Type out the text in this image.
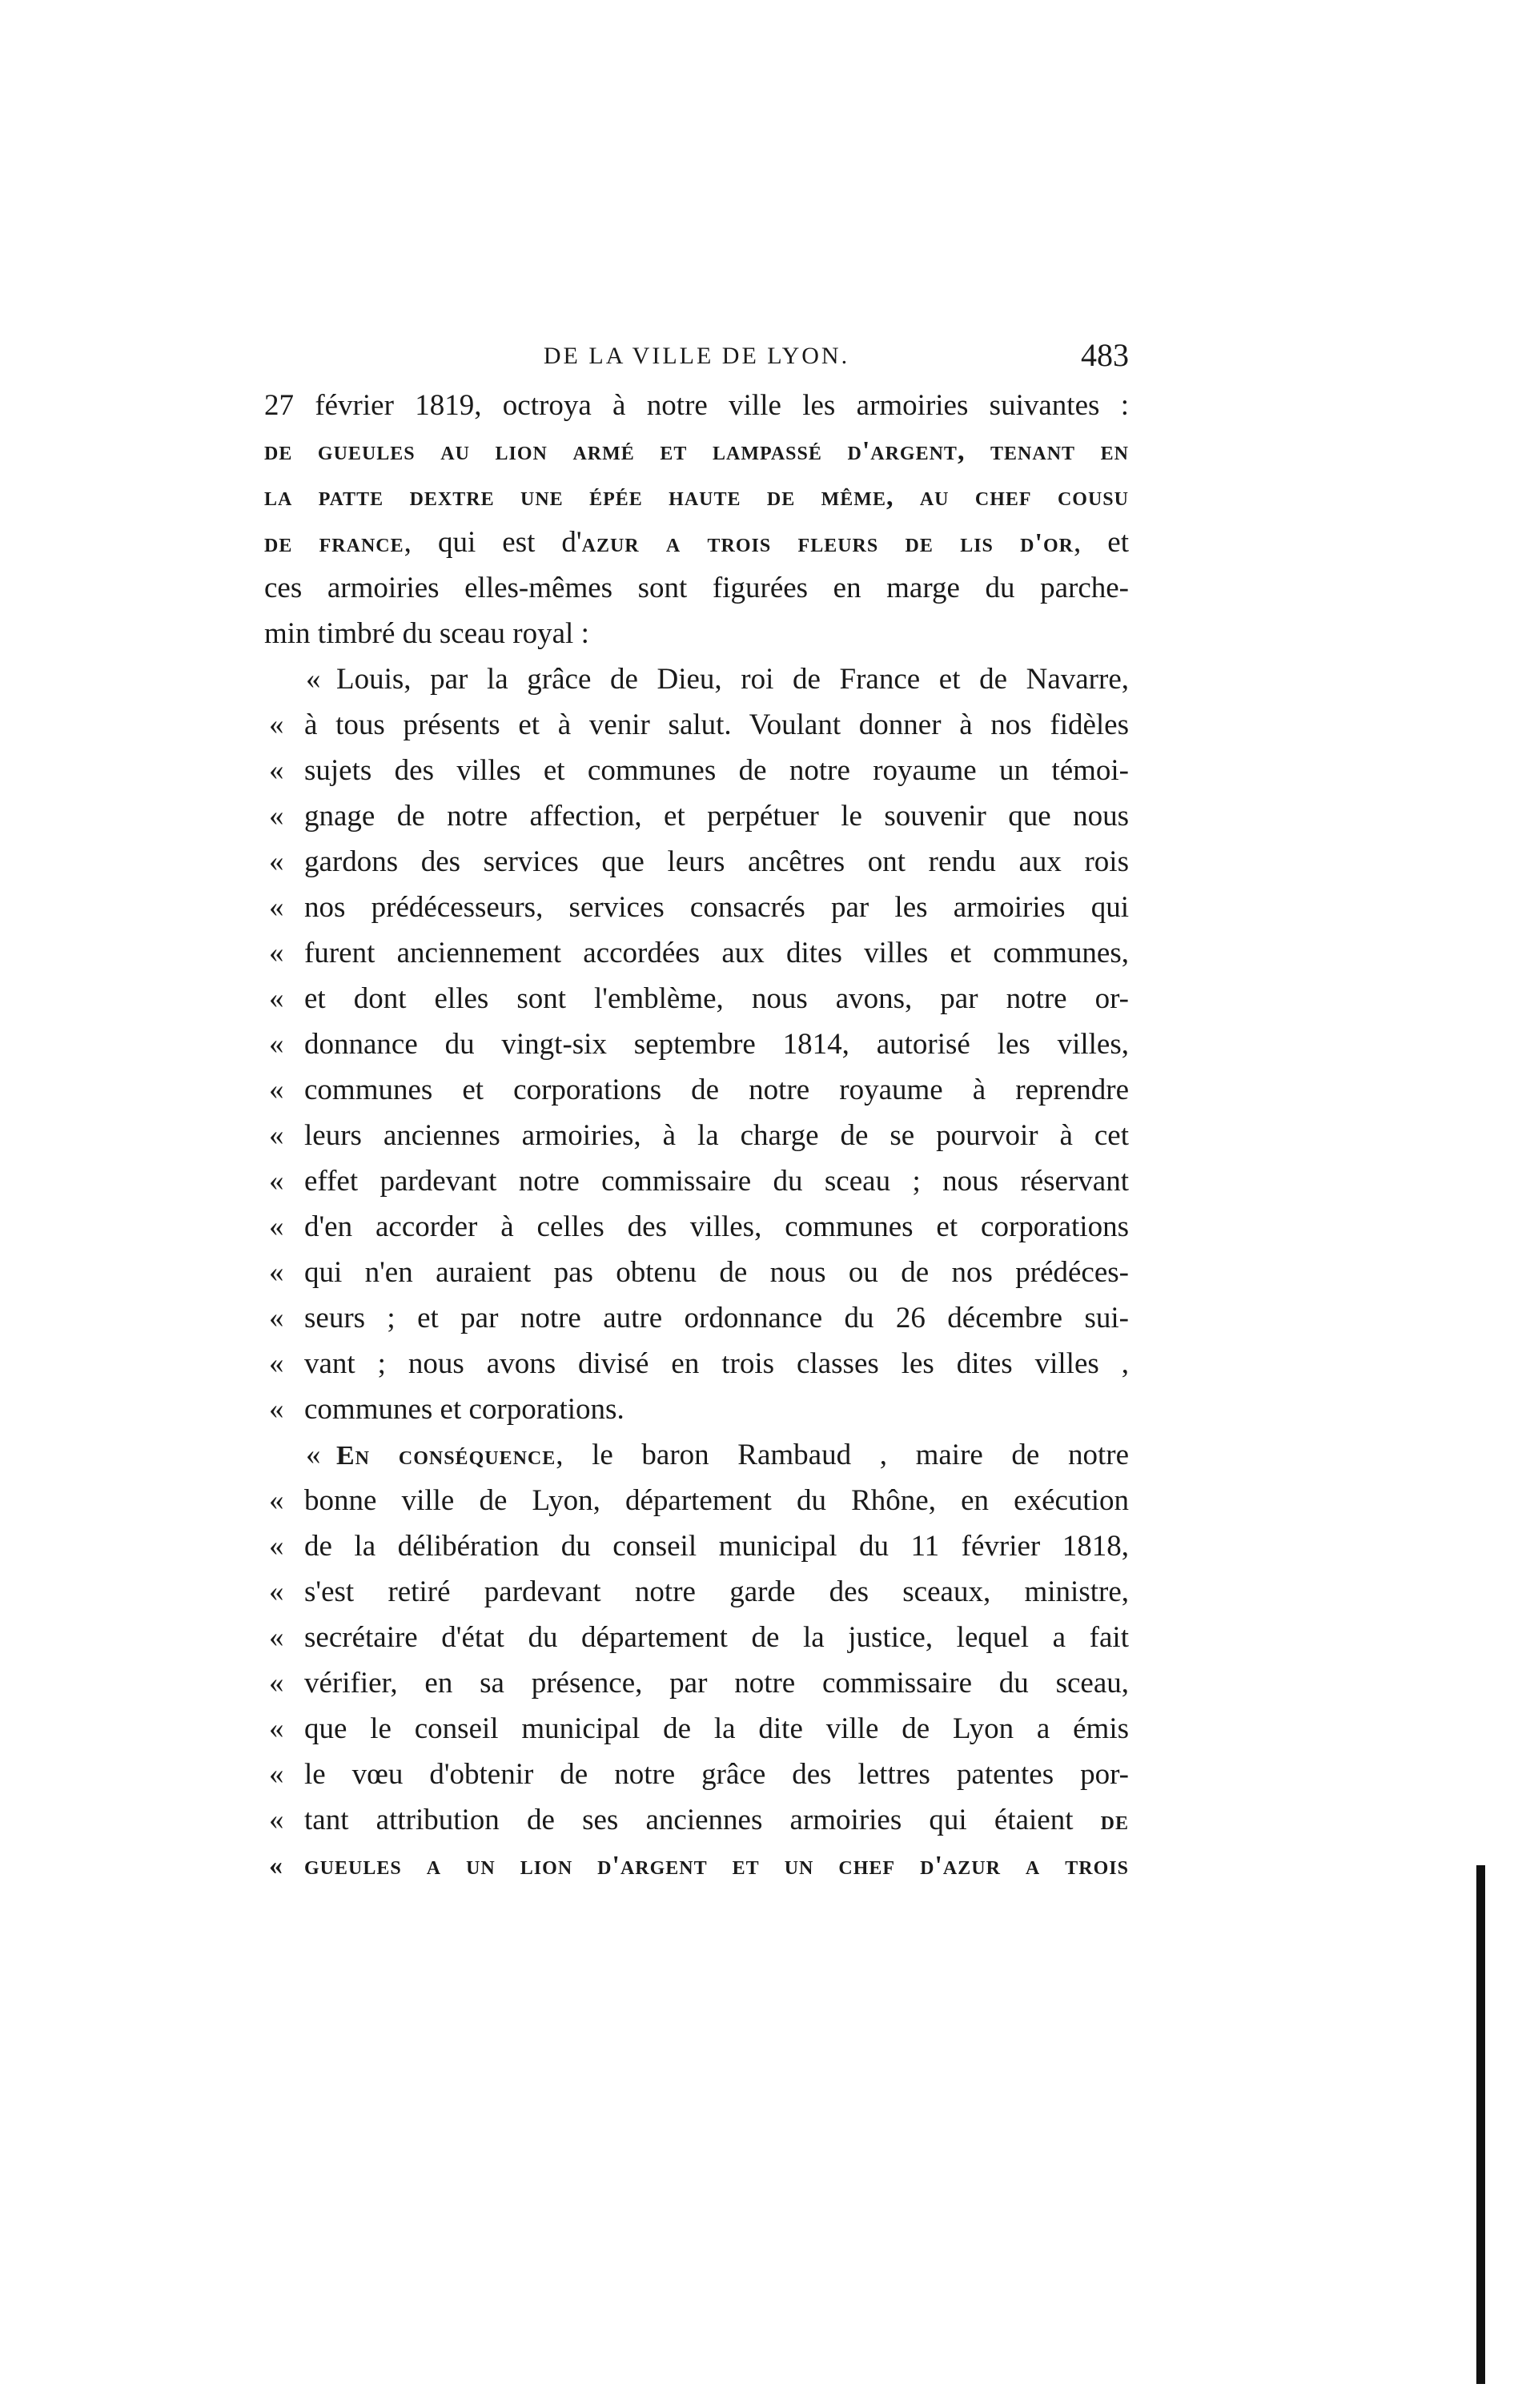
DE LA VILLE DE LYON.	483
27 février 1819, octroya à notre ville les armoiries suivantes :
de gueules au lion armé et lampassé d'argent, tenant en
la patte dextre une épée haute de même, au chef cousu
de france, qui est d'azur a trois fleurs de lis d'or, et
ces armoiries elles-mêmes sont figurées en marge du parche-
min timbré du sceau royal :
« Louis, par la grâce de Dieu, roi de France et de Navarre,
« à tous présents et à venir salut. Voulant donner à nos fidèles
« sujets des villes et communes de notre royaume un témoi-
« gnage de notre affection, et perpétuer le souvenir que nous
« gardons des services que leurs ancêtres ont rendu aux rois
« nos prédécesseurs, services consacrés par les armoiries qui
« furent anciennement accordées aux dites villes et communes,
« et dont elles sont l'emblème, nous avons, par notre or-
« donnance du vingt-six septembre 1814, autorisé les villes,
« communes et corporations de notre royaume à reprendre
« leurs anciennes armoiries, à la charge de se pourvoir à cet
« effet pardevant notre commissaire du sceau ; nous réservant
« d'en accorder à celles des villes, communes et corporations
« qui n'en auraient pas obtenu de nous ou de nos prédéces-
« seurs ; et par notre autre ordonnance du 26 décembre sui-
« vant ; nous avons divisé en trois classes les dites villes ,
« communes et corporations.
« En conséquence, le baron Rambaud , maire de notre
« bonne ville de Lyon, département du Rhône, en exécution
« de la délibération du conseil municipal du 11 février 1818,
« s'est retiré pardevant notre garde des sceaux, ministre,
« secrétaire d'état du département de la justice, lequel a fait
« vérifier, en sa présence, par notre commissaire du sceau,
« que le conseil municipal de la dite ville de Lyon a émis
« le vœu d'obtenir de notre grâce des lettres patentes por-
« tant attribution de ses anciennes armoiries qui étaient de
« gueules a un lion d'argent et un chef d'azur a trois
